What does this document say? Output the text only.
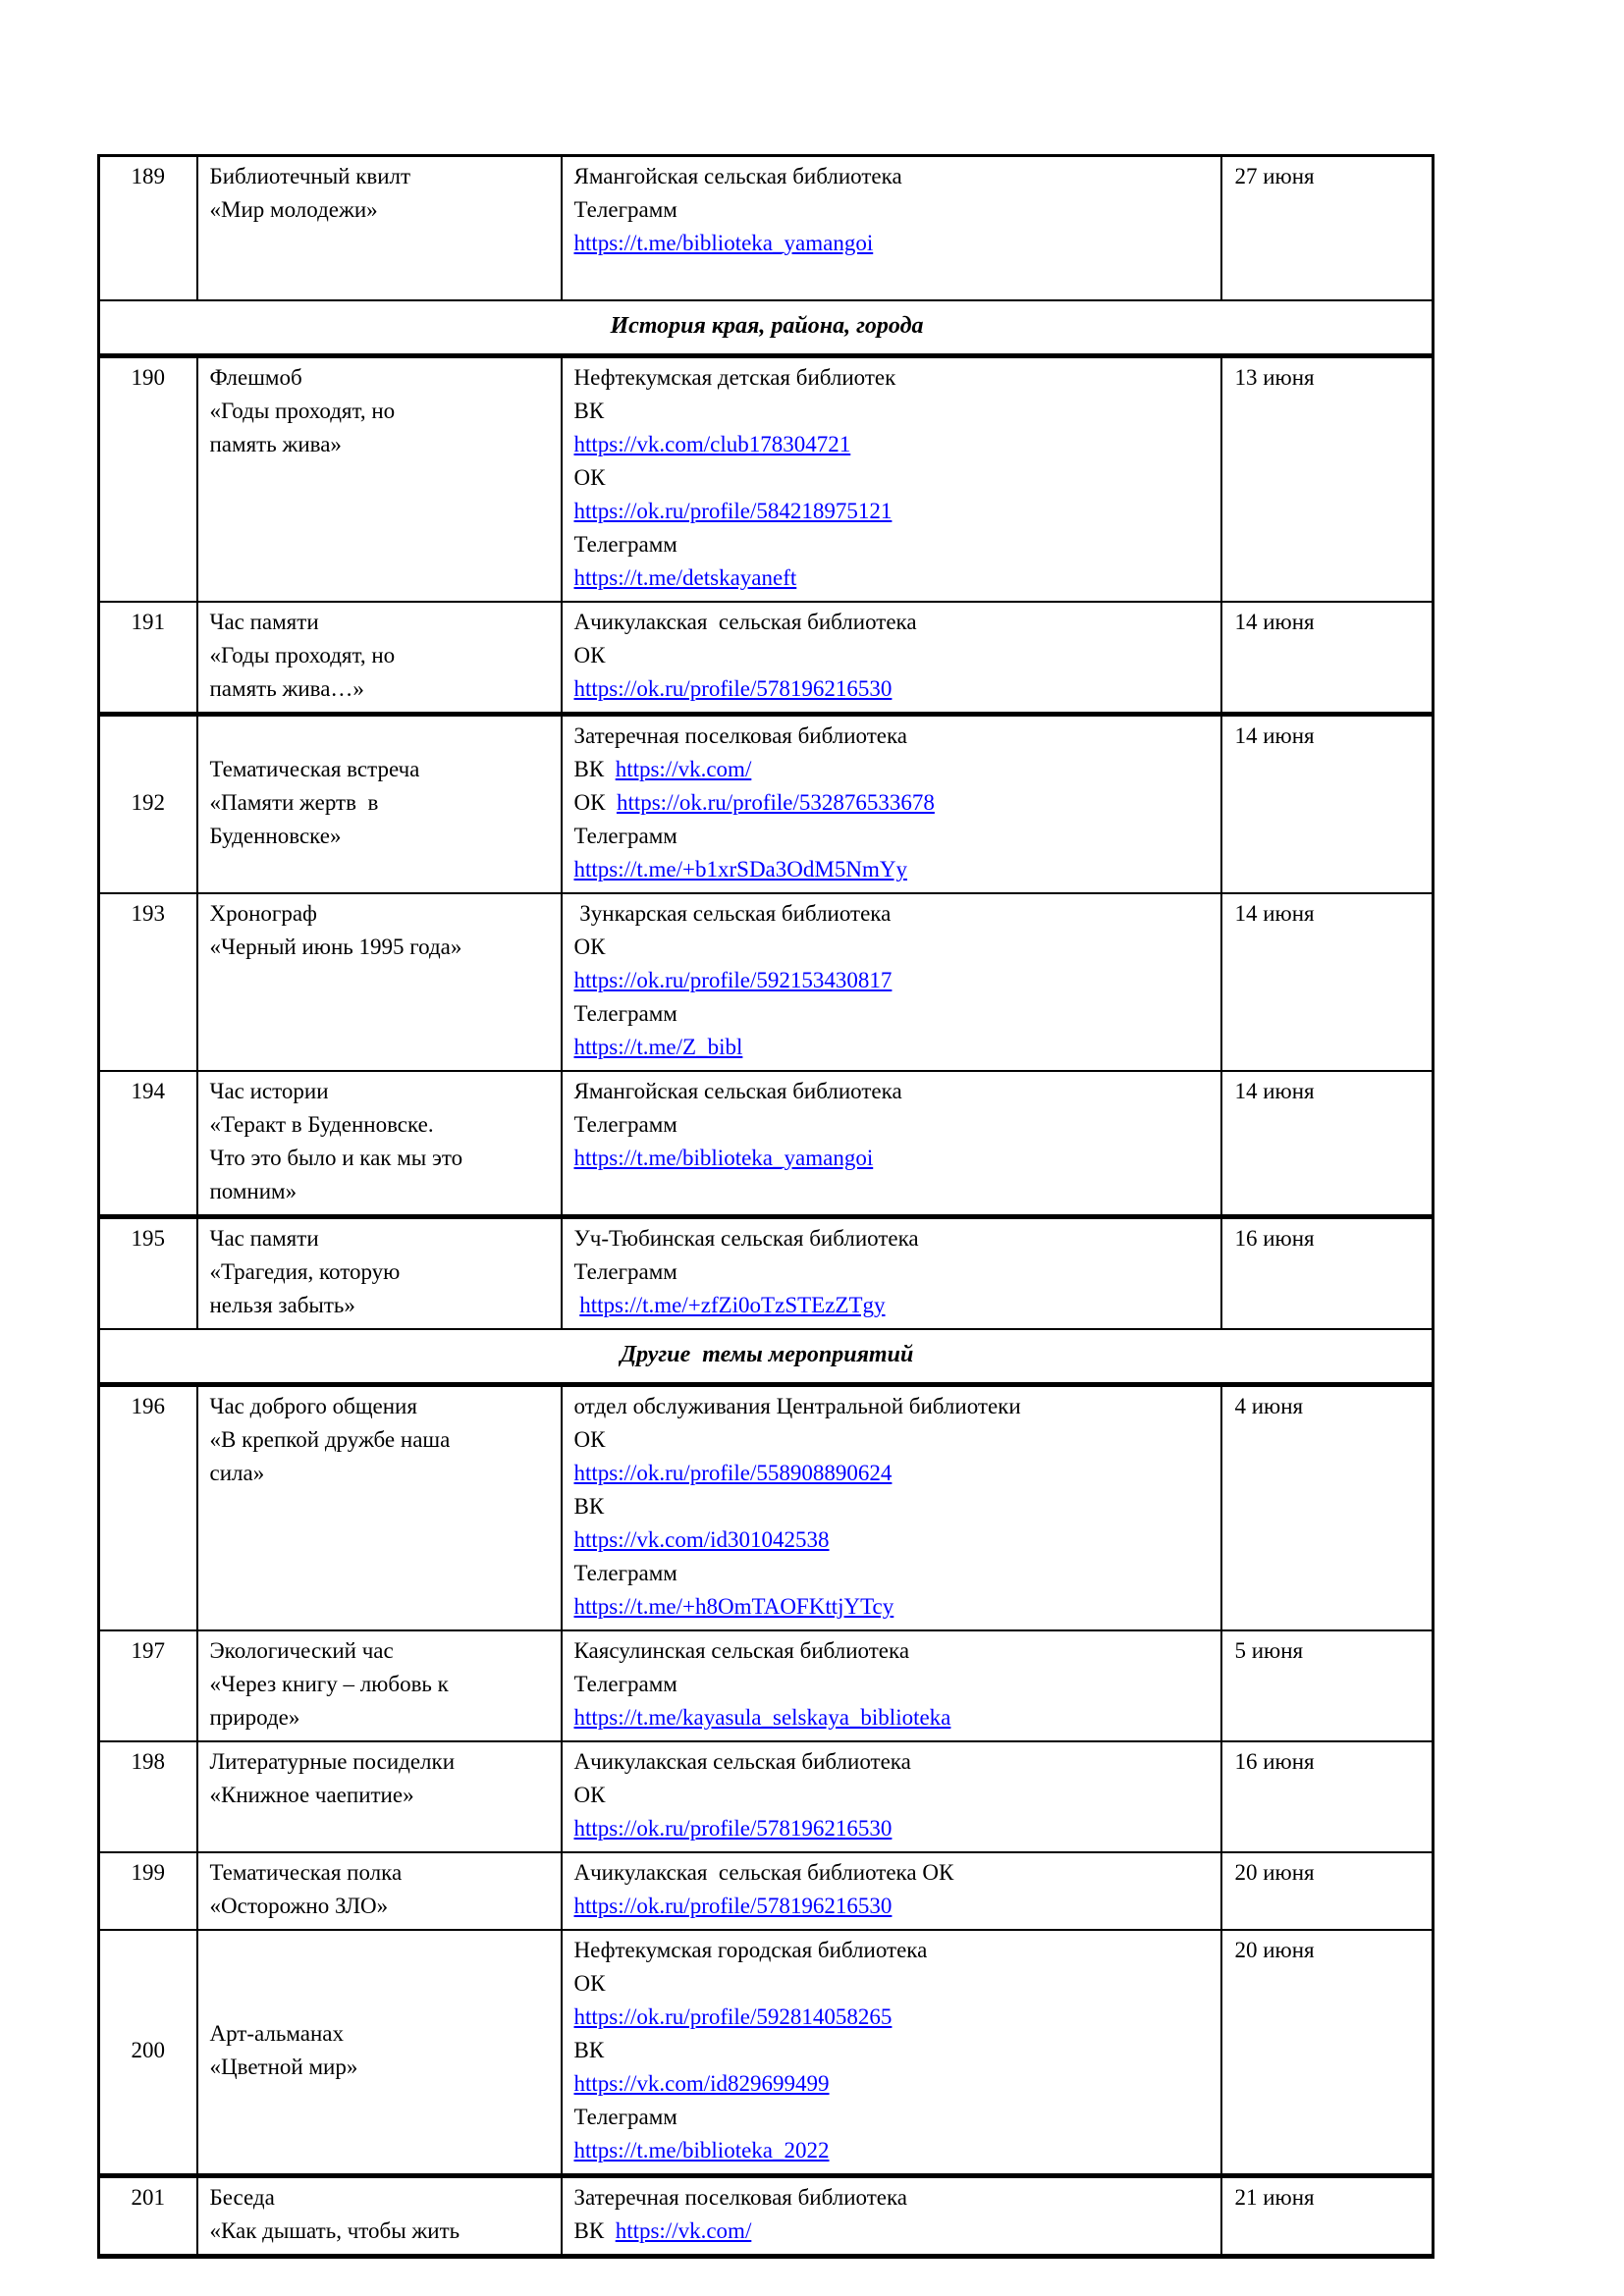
189	Библиотечный квилт
«Мир молодежи»

Ямангойская сельская библиотека
Телеграмм
https://t.me/biblioteka_yamangoi

	27 июня
История края, района, города			
190	Флешмоб
«Годы проходят, но
память жива»

Нефтекумская детская библиотек
ВК
https://vk.com/club178304721
ОК
https://ok.ru/profile/584218975121
Телеграмм
https://t.me/detskayaneft
	13 июня
191	Час памяти
«Годы проходят, но
память жива…»

Ачикулакская  сельская библиотека
ОК
https://ok.ru/profile/578196216530
	14 июня
192	
Тематическая встреча
«Памяти жертв  в
Буденновске»

Затеречная поселковая библиотека
ВК  https://vk.com/
ОК  https://ok.ru/profile/532876533678
Телеграмм
https://t.me/+b1xrSDa3OdM5NmYy
	14 июня
193	Хронограф
«Черный июнь 1995 года»

Зункарская сельская библиотека
ОК
https://ok.ru/profile/592153430817
Телеграмм
https://t.me/Z_bibl
	14 июня
194	Час истории
«Теракт в Буденновске.
Что это было и как мы это
помним»

Ямангойская сельская библиотека
Телеграмм
https://t.me/biblioteka_yamangoi
	14 июня
195	Час памяти
«Трагедия, которую
нельзя забыть»

Уч-Тюбинская сельская библиотека
Телеграмм
https://t.me/+zfZi0oTzSTEzZTgy
	16 июня
Другие  темы мероприятий			
196	Час доброго общения
«В крепкой дружбе наша
сила»

отдел обслуживания Центральной библиотеки
ОК
https://ok.ru/profile/558908890624
ВК
https://vk.com/id301042538
Телеграмм
https://t.me/+h8OmTAOFKttjYTcy
	4 июня
197	Экологический час
«Через книгу – любовь к
природе»

Каясулинская сельская библиотека
Телеграмм
https://t.me/kayasula_selskaya_biblioteka
	5 июня
198	Литературные посиделки
«Книжное чаепитие»

Ачикулакская сельская библиотека
ОК
https://ok.ru/profile/578196216530
	16 июня
199	Тематическая полка
«Осторожно ЗЛО»

Ачикулакская  сельская библиотека ОК
https://ok.ru/profile/578196216530
	20 июня
200	
Арт-альманах
«Цветной мир»

Нефтекумская городская библиотека
ОК
https://ok.ru/profile/592814058265
ВК
https://vk.com/id829699499
Телеграмм
https://t.me/biblioteka_2022
	20 июня
201	Беседа
«Как дышать, чтобы жить

Затеречная поселковая библиотека
ВК  https://vk.com/
	21 июня
